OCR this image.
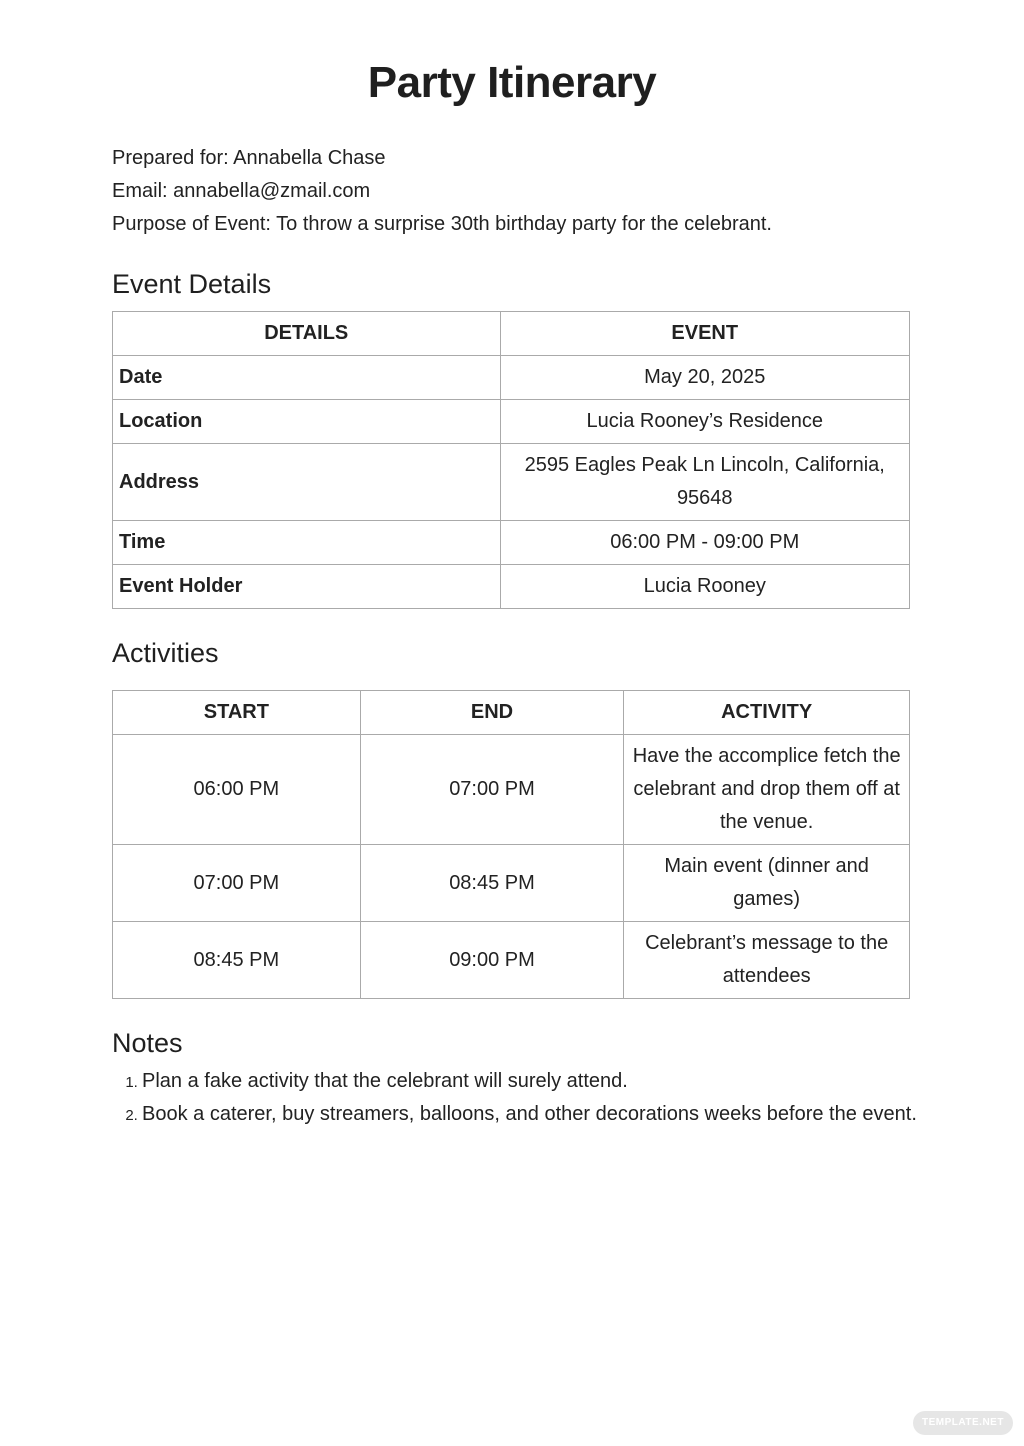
Party Itinerary
Prepared for: Annabella Chase
Email: annabella@zmail.com
Purpose of Event: To throw a surprise 30th birthday party for the celebrant.
Event Details
DETAILS	EVENT
Date	May 20, 2025
Location	Lucia Rooney’s Residence
Address	2595 Eagles Peak Ln Lincoln, California, 95648
Time	06:00 PM - 09:00 PM
Event Holder	Lucia Rooney
Activities
START	END	ACTIVITY
06:00 PM	07:00 PM	Have the accomplice fetch the celebrant and drop them off at the venue.
07:00 PM	08:45 PM	Main event (dinner and games)
08:45 PM	09:00 PM	Celebrant’s message to the attendees
Notes
1. Plan a fake activity that the celebrant will surely attend.
2. Book a caterer, buy streamers, balloons, and other decorations weeks before the event.
TEMPLATE.NET
